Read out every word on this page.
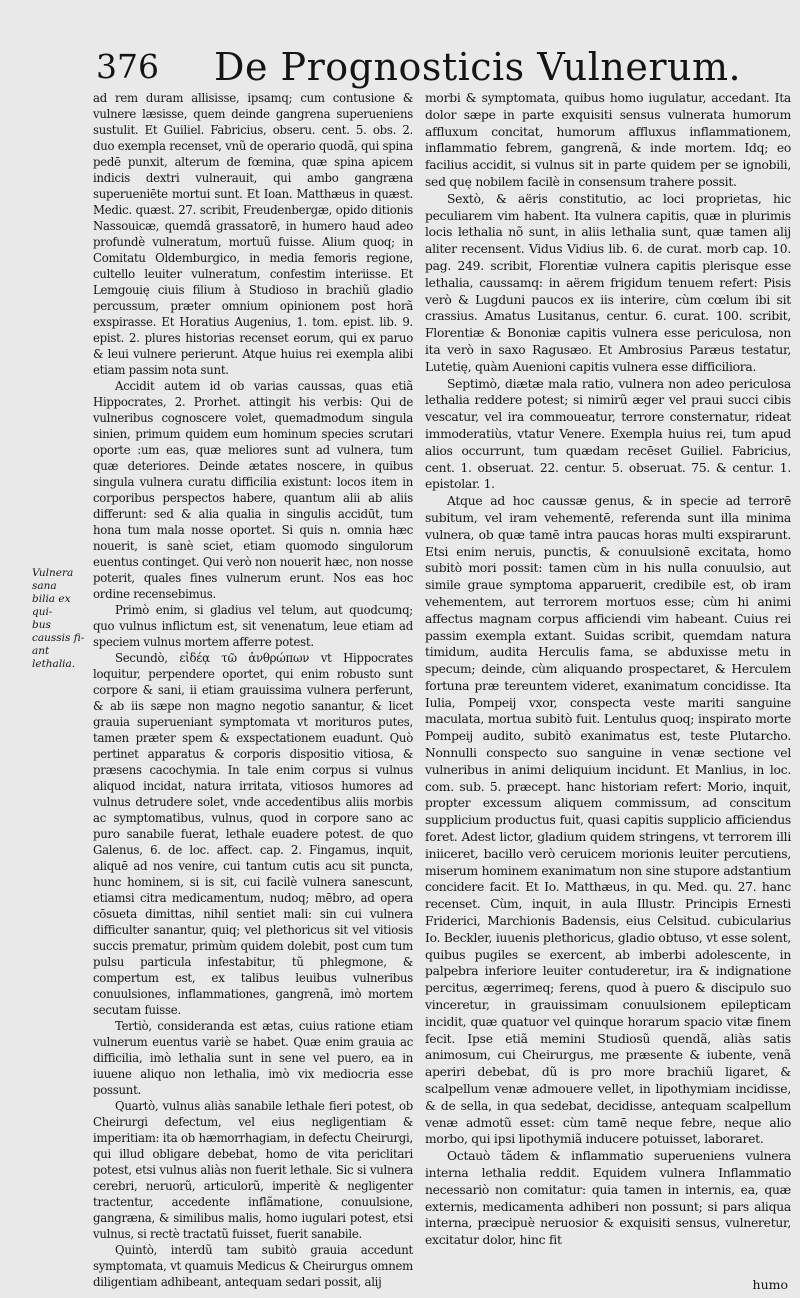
376 De Prognosticis Vulnerum.

ad rem duram allisisse, ipsamq; cum contusione & vulnere læsisse, quem deinde gangrena superueniens sustulit. Et Guiliel. Fabricius, obseru. cent. 5. obs. 2. duo exempla recenset, vnũ de operario quodã, qui spina pedē punxit, alterum de fœmina, quæ spina apicem indicis dextri vulnerauit, qui ambo gangræna superueniēte mortui sunt. Et Ioan. Matthæus in quæst. Medic. quæst. 27. scribit, Freudenbergæ, opido ditionis Nassouicæ, quemdã grassatorē, in humero haud adeo profundè vulneratum, mortuũ fuisse. Alium quoq; in Comitatu Oldemburgico, in media femoris regione, cultello leuiter vulneratum, confestim interiisse. Et Lemgouię ciuis filium à Studioso in brachiũ gladio percussum, præter omnium opinionem post horã exspirasse. Et Horatius Augenius, 1. tom. epist. lib. 9. epist. 2. plures historias recenset eorum, qui ex paruo & leui vulnere perierunt. Atque huius rei exempla alibi etiam passim nota sunt.

Accidit autem id ob varias caussas, quas etiã Hippocrates, 2. Prorhet. attingit his verbis: Qui de vulneribus cognoscere volet, quemadmodum singula sinien, primum quidem eum hominum species scrutari oporte :um eas, quæ meliores sunt ad vulnera, tum quæ deteriores. Deinde ætates noscere, in quibus singula vulnera curatu difficilia existunt: locos item in corporibus perspectos habere, quantum alii ab aliis differunt: sed & alia qualia in singulis accidūt, tum hona tum mala nosse oportet. Si quis n. omnia hæc nouerit, is sanè sciet, etiam quomodo singulorum euentus continget. Qui verò non nouerit hæc, non nosse poterit, quales fines vulnerum erunt. Nos eas hoc ordine recensebimus.

Primò enim, si gladius vel telum, aut quodcumq; quo vulnus inflictum est, sit venenatum, leue etiam ad speciem vulnus mortem afferre potest.

Secundò, εἰδέᾳ τῶ ἀνθρώπων vt Hippocrates loquitur, perpendere oportet, qui enim robusto sunt corpore & sani, ii etiam grauissima vulnera perferunt, & ab iis sæpe non magno negotio sanantur, & licet grauia superueniant symptomata vt morituros putes, tamen præter spem & exspectationem euadunt. Quò pertinet apparatus & corporis dispositio vitiosa, & præsens cacochymia. In tale enim corpus si vulnus aliquod incidat, natura irritata, vitiosos humores ad vulnus detrudere solet, vnde accedentibus aliis morbis ac symptomatibus, vulnus, quod in corpore sano ac puro sanabile fuerat, lethale euadere potest. de quo Galenus, 6. de loc. affect. cap. 2. Fingamus, inquit, aliquē ad nos venire, cui tantum cutis acu sit puncta, hunc hominem, si is sit, cui facilè vulnera sanescunt, etiamsi citra medicamentum, nudoq; mēbro, ad opera cōsueta dimittas, nihil sentiet mali: sin cui vulnera difficulter sanantur, quiq; vel plethoricus sit vel vitiosis succis prematur, primùm quidem dolebit, post cum tum pulsu particula infestabitur, tũ phlegmone, & compertum est, ex talibus leuibus vulneribus conuulsiones, inflammationes, gangrenã, imò mortem secutam fuisse.

Tertiò, consideranda est ætas, cuius ratione etiam vulnerum euentus variè se habet. Quæ enim grauia ac difficilia, imò lethalia sunt in sene vel puero, ea in iuuene aliquo non lethalia, imò vix mediocria esse possunt.

Quartò, vulnus aliàs sanabile lethale fieri potest, ob Cheirurgi defectum, vel eius negligentiam & imperitiam: ita ob hæmorrhagiam, in defectu Cheirurgi, qui illud obligare debebat, homo de vita periclitari potest, etsi vulnus aliàs non fuerit lethale. Sic si vulnera cerebri, neruorũ, articulorũ, imperitè & negligenter tractentur, accedente inflãmatione, conuulsione, gangræna, & similibus malis, homo iugulari potest, etsi vulnus, si rectè tractatũ fuisset, fuerit sanabile.

Quintò, interdũ tam subitò grauia accedunt symptomata, vt quamuis Medicus & Cheirurgus omnem diligentiam adhibeant, antequam sedari possit, alij

Vulnera sana
bilia ex qui-
bus caussis fi-
ant lethalia.

morbi & symptomata, quibus homo iugulatur, accedant. Ita dolor sæpe in parte exquisiti sensus vulnerata humorum affluxum concitat, humorum affluxus inflammationem, inflammatio febrem, gangrenã, & inde mortem. Idq; eo facilius accidit, si vulnus sit in parte quidem per se ignobili, sed quę nobilem facilè in consensum trahere possit.

Sextò, & aëris constitutio, ac loci proprietas, hic peculiarem vim habent. Ita vulnera capitis, quæ in plurimis locis lethalia nõ sunt, in aliis lethalia sunt, quæ tamen alij aliter recensent. Vidus Vidius lib. 6. de curat. morb cap. 10. pag. 249. scribit, Florentiæ vulnera capitis plerisque esse lethalia, caussamq: in aërem frigidum tenuem refert: Pisis verò & Lugduni paucos ex iis interire, cùm cœlum ibi sit crassius. Amatus Lusitanus, centur. 6. curat. 100. scribit, Florentiæ & Bononiæ capitis vulnera esse periculosa, non ita verò in saxo Ragusæo. Et Ambrosius Paræus testatur, Lutetię, quàm Auenioni capitis vulnera esse difficiliora.

Septimò, diætæ mala ratio, vulnera non adeo periculosa lethalia reddere potest; si nimirũ æger vel praui succi cibis vescatur, vel ira commoueatur, terrore consternatur, rideat immoderatiùs, vtatur Venere. Exempla huius rei, tum apud alios occurrunt, tum quædam recēset Guiliel. Fabricius, cent. 1. obseruat. 22. centur. 5. obseruat. 75. & centur. 1. epistolar. 1.

Atque ad hoc caussæ genus, & in specie ad terrorē subitum, vel iram vehementē, referenda sunt illa minima vulnera, ob quæ tamē intra paucas horas multi exspirarunt. Etsi enim neruis, punctis, & conuulsionē excitata, homo subitò mori possit: tamen cùm in his nulla conuulsio, aut simile graue symptoma apparuerit, credibile est, ob iram vehementem, aut terrorem mortuos esse; cùm hi animi affectus magnam corpus afficiendi vim habeant. Cuius rei passim exempla extant. Suidas scribit, quemdam natura timidum, audita Herculis fama, se abduxisse metu in specum; deinde, cùm aliquando prospectaret, & Herculem fortuna præ tereuntem videret, exanimatum concidisse. Ita Iulia, Pompeij vxor, conspecta veste mariti sanguine maculata, mortua subitò fuit. Lentulus quoq; inspirato morte Pompeij audito, subitò exanimatus est, teste Plutarcho. Nonnulli conspecto suo sanguine in venæ sectione vel vulneribus in animi deliquium incidunt. Et Manlius, in loc. com. sub. 5. præcept. hanc historiam refert: Morio, inquit, propter excessum aliquem commissum, ad conscitum supplicium productus fuit, quasi capitis supplicio afficiendus foret. Adest lictor, gladium quidem stringens, vt terrorem illi iniiceret, bacillo verò ceruicem morionis leuiter percutiens, miserum hominem exanimatum non sine stupore adstantium concidere facit. Et Io. Matthæus, in qu. Med. qu. 27. hanc recenset. Cùm, inquit, in aula Illustr. Principis Ernesti Friderici, Marchionis Badensis, eius Celsitud. cubicularius Io. Beckler, iuuenis plethoricus, gladio obtuso, vt esse solent, quibus pugiles se exercent, ab imberbi adolescente, in palpebra inferiore leuiter contuderetur, ira & indignatione percitus, ægerrimeq; ferens, quod à puero & discipulo suo vinceretur, in grauissimam conuulsionem epilepticam incidit, quæ quatuor vel quinque horarum spacio vitæ finem fecit. Ipse etiã memini Studiosũ quendã, aliàs satis animosum, cui Cheirurgus, me præsente & iubente, venã aperiri debebat, dũ is pro more brachiũ ligaret, & scalpellum venæ admouere vellet, in lipothymiam incidisse, & de sella, in qua sedebat, decidisse, antequam scalpellum venæ admotũ esset: cùm tamē neque febre, neque alio morbo, qui ipsi lipothymiã inducere potuisset, laboraret.

Octauò tãdem & inflammatio superueniens vulnera interna lethalia reddit. Equidem vulnera Inflammatio necessariò non comitatur: quia tamen in internis, ea, quæ externis, medicamenta adhiberi non possunt; si pars aliqua interna, præcipuè neruosior & exquisiti sensus, vulneretur, excitatur dolor, hinc fit

humo
